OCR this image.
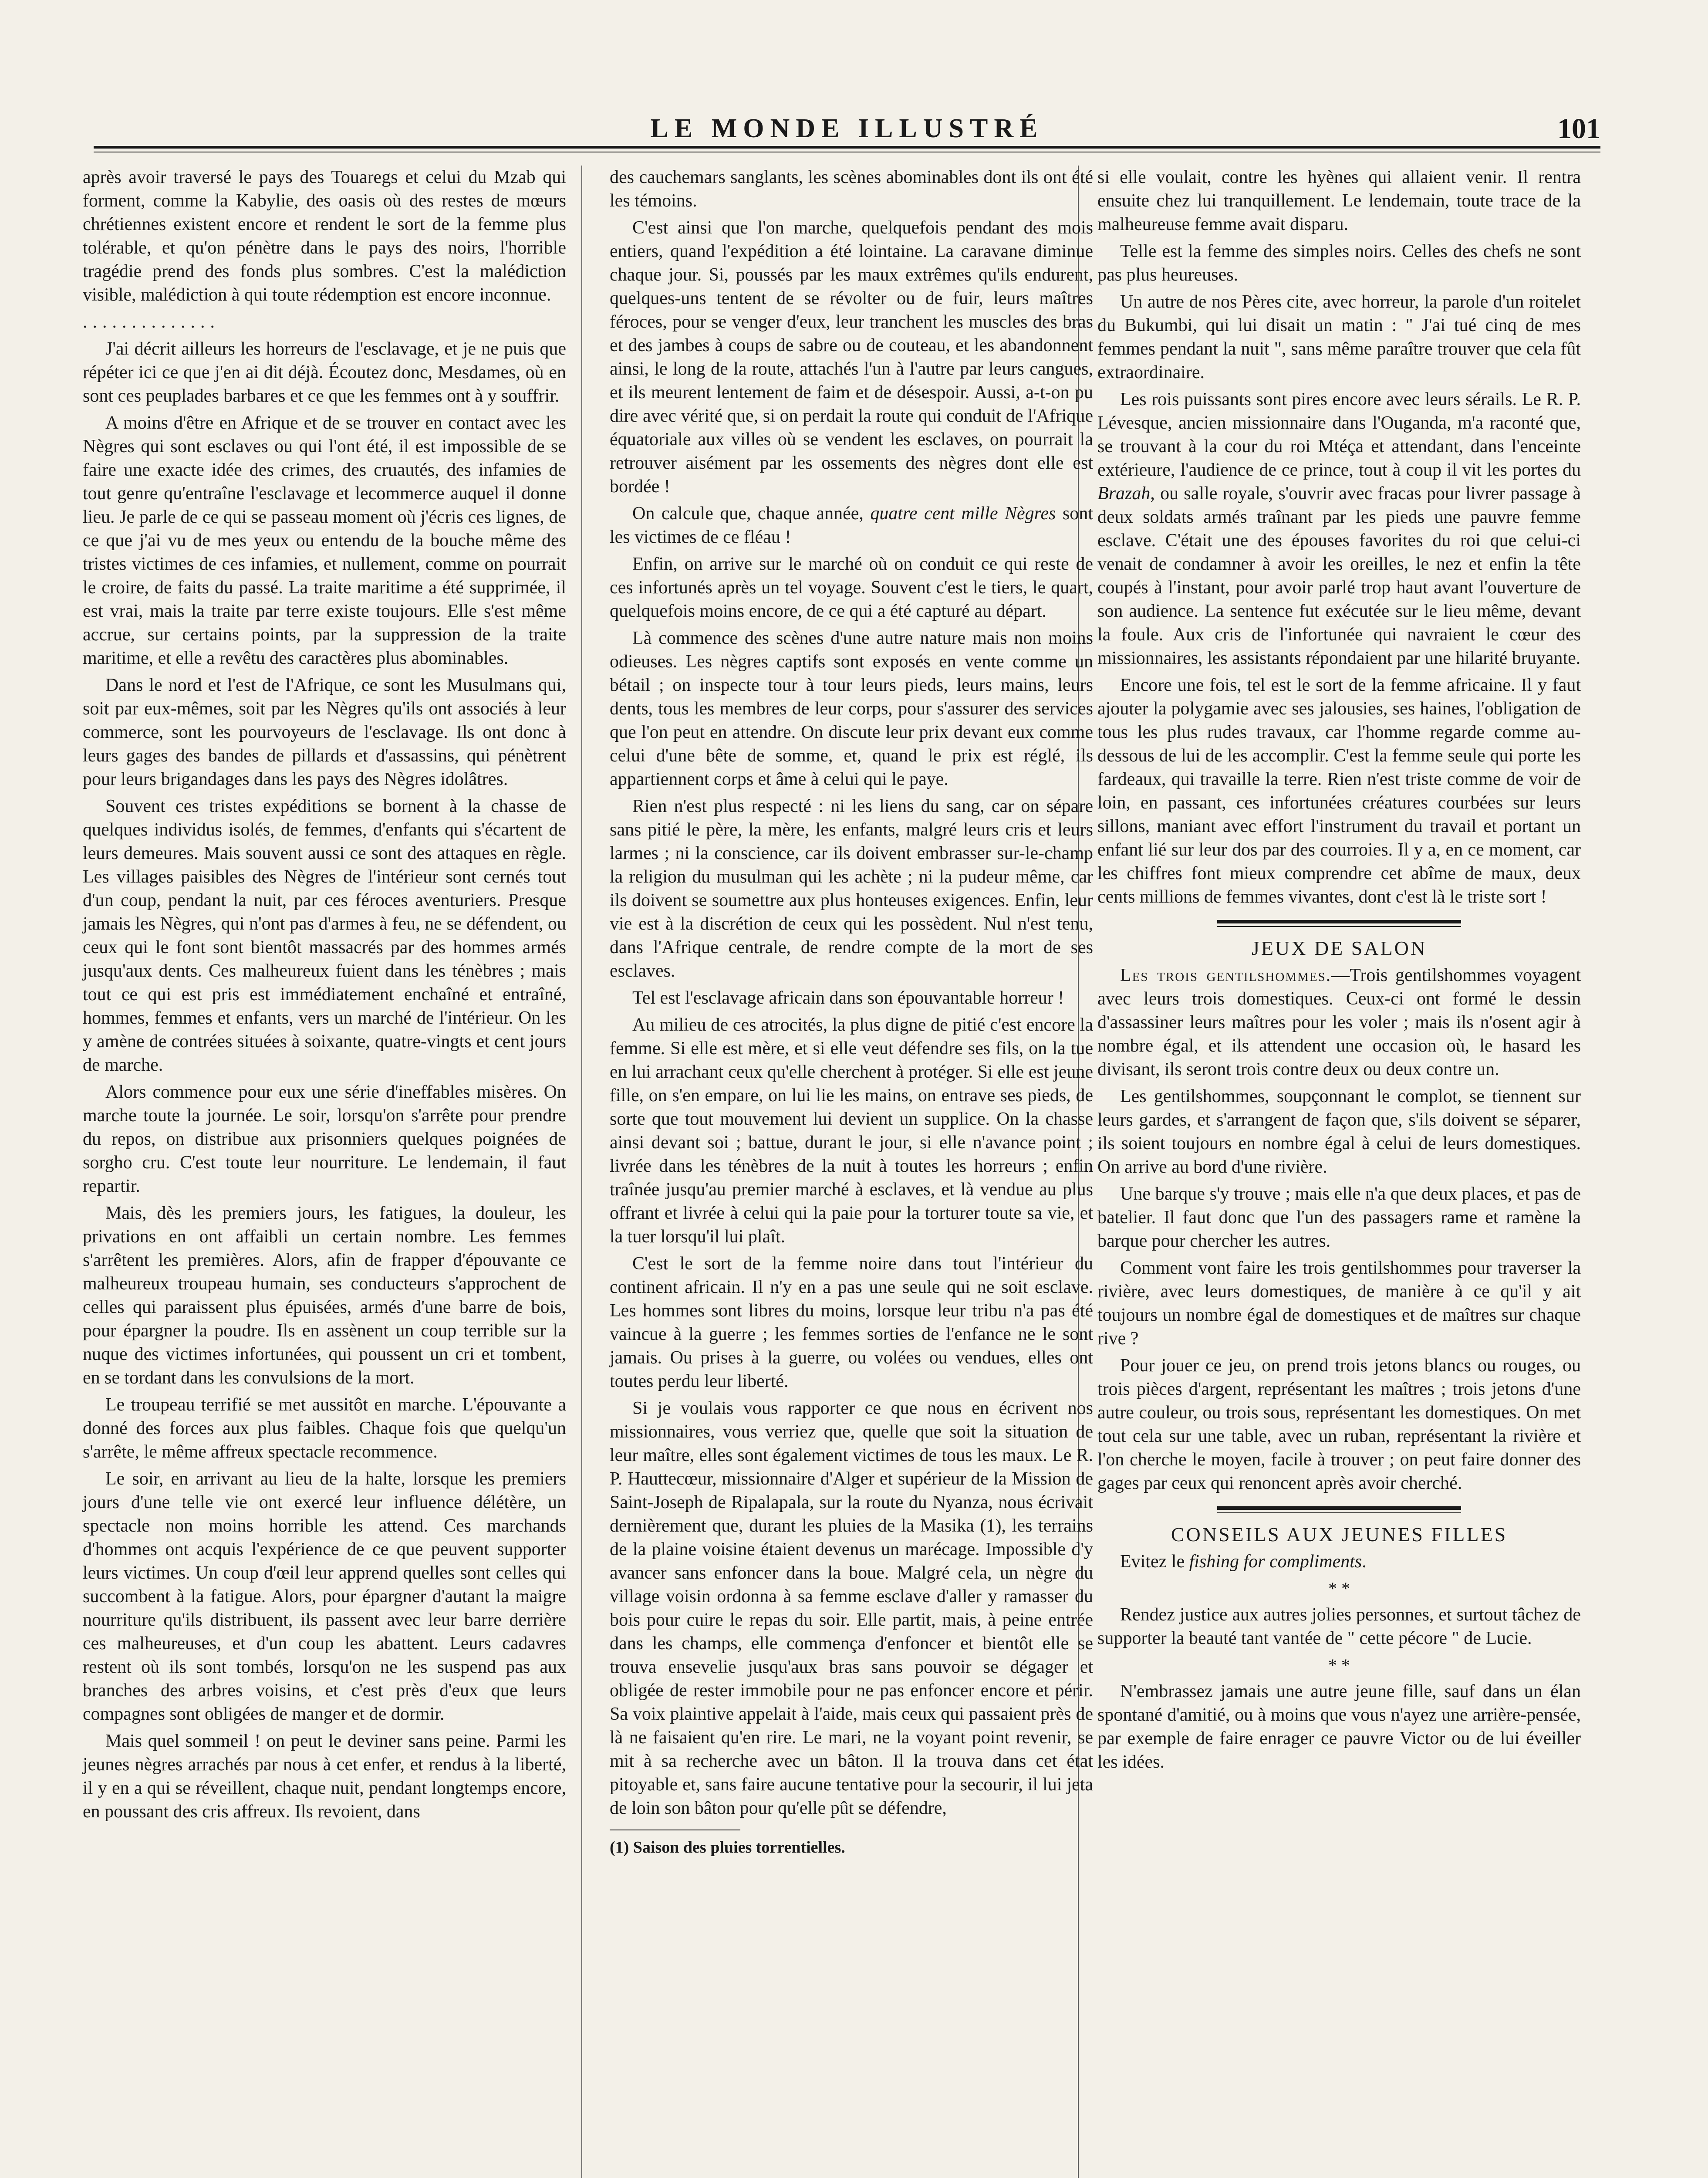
LE MONDE ILLUSTRÉ	101

après avoir traversé le pays des Touaregs et celui du Mzab qui forment, comme la Kabylie, des oasis où des restes de mœurs chrétiennes existent encore et rendent le sort de la femme plus tolérable, et qu'on pénètre dans le pays des noirs, l'horrible tragédie prend des fonds plus sombres. C'est la malédiction visible, malédiction à qui toute rédemption est encore inconnue.

..............

J'ai décrit ailleurs les horreurs de l'esclavage, et je ne puis que répéter ici ce que j'en ai dit déjà. Écoutez donc, Mesdames, où en sont ces peuplades barbares et ce que les femmes ont à y souffrir.

A moins d'être en Afrique et de se trouver en contact avec les Nègres qui sont esclaves ou qui l'ont été, il est impossible de se faire une exacte idée des crimes, des cruautés, des infamies de tout genre qu'entraîne l'esclavage et lecommerce auquel il donne lieu. Je parle de ce qui se passeau moment où j'écris ces lignes, de ce que j'ai vu de mes yeux ou entendu de la bouche même des tristes victimes de ces infamies, et nullement, comme on pourrait le croire, de faits du passé. La traite maritime a été supprimée, il est vrai, mais la traite par terre existe toujours. Elle s'est même accrue, sur certains points, par la suppression de la traite maritime, et elle a revêtu des caractères plus abominables.

Dans le nord et l'est de l'Afrique, ce sont les Musulmans qui, soit par eux-mêmes, soit par les Nègres qu'ils ont associés à leur commerce, sont les pourvoyeurs de l'esclavage. Ils ont donc à leurs gages des bandes de pillards et d'assassins, qui pénètrent pour leurs brigandages dans les pays des Nègres idolâtres.

Souvent ces tristes expéditions se bornent à la chasse de quelques individus isolés, de femmes, d'enfants qui s'écartent de leurs demeures. Mais souvent aussi ce sont des attaques en règle. Les villages paisibles des Nègres de l'intérieur sont cernés tout d'un coup, pendant la nuit, par ces féroces aventuriers. Presque jamais les Nègres, qui n'ont pas d'armes à feu, ne se défendent, ou ceux qui le font sont bientôt massacrés par des hommes armés jusqu'aux dents. Ces malheureux fuient dans les ténèbres ; mais tout ce qui est pris est immédiatement enchaîné et entraîné, hommes, femmes et enfants, vers un marché de l'intérieur. On les y amène de contrées situées à soixante, quatre-vingts et cent jours de marche.

Alors commence pour eux une série d'ineffables misères. On marche toute la journée. Le soir, lorsqu'on s'arrête pour prendre du repos, on distribue aux prisonniers quelques poignées de sorgho cru. C'est toute leur nourriture. Le lendemain, il faut repartir.

Mais, dès les premiers jours, les fatigues, la douleur, les privations en ont affaibli un certain nombre. Les femmes s'arrêtent les premières. Alors, afin de frapper d'épouvante ce malheureux troupeau humain, ses conducteurs s'approchent de celles qui paraissent plus épuisées, armés d'une barre de bois, pour épargner la poudre. Ils en assènent un coup terrible sur la nuque des victimes infortunées, qui poussent un cri et tombent, en se tordant dans les convulsions de la mort.

Le troupeau terrifié se met aussitôt en marche. L'épouvante a donné des forces aux plus faibles. Chaque fois que quelqu'un s'arrête, le même affreux spectacle recommence.

Le soir, en arrivant au lieu de la halte, lorsque les premiers jours d'une telle vie ont exercé leur influence délétère, un spectacle non moins horrible les attend. Ces marchands d'hommes ont acquis l'expérience de ce que peuvent supporter leurs victimes. Un coup d'œil leur apprend quelles sont celles qui succombent à la fatigue. Alors, pour épargner d'autant la maigre nourriture qu'ils distribuent, ils passent avec leur barre derrière ces malheureuses, et d'un coup les abattent. Leurs cadavres restent où ils sont tombés, lorsqu'on ne les suspend pas aux branches des arbres voisins, et c'est près d'eux que leurs compagnes sont obligées de manger et de dormir.

Mais quel sommeil ! on peut le deviner sans peine. Parmi les jeunes nègres arrachés par nous à cet enfer, et rendus à la liberté, il y en a qui se réveillent, chaque nuit, pendant longtemps encore, en poussant des cris affreux. Ils revoient, dans

des cauchemars sanglants, les scènes abominables dont ils ont été les témoins.

C'est ainsi que l'on marche, quelquefois pendant des mois entiers, quand l'expédition a été lointaine. La caravane diminue chaque jour. Si, poussés par les maux extrêmes qu'ils endurent, quelques-uns tentent de se révolter ou de fuir, leurs maîtres féroces, pour se venger d'eux, leur tranchent les muscles des bras et des jambes à coups de sabre ou de couteau, et les abandonnent ainsi, le long de la route, attachés l'un à l'autre par leurs cangues, et ils meurent lentement de faim et de désespoir. Aussi, a-t-on pu dire avec vérité que, si on perdait la route qui conduit de l'Afrique équatoriale aux villes où se vendent les esclaves, on pourrait la retrouver aisément par les ossements des nègres dont elle est bordée !

On calcule que, chaque année, quatre cent mille Nègres sont les victimes de ce fléau !

Enfin, on arrive sur le marché où on conduit ce qui reste de ces infortunés après un tel voyage. Souvent c'est le tiers, le quart, quelquefois moins encore, de ce qui a été capturé au départ.

Là commence des scènes d'une autre nature mais non moins odieuses. Les nègres captifs sont exposés en vente comme un bétail ; on inspecte tour à tour leurs pieds, leurs mains, leurs dents, tous les membres de leur corps, pour s'assurer des services que l'on peut en attendre. On discute leur prix devant eux comme celui d'une bête de somme, et, quand le prix est réglé, ils appartiennent corps et âme à celui qui le paye.

Rien n'est plus respecté : ni les liens du sang, car on sépare sans pitié le père, la mère, les enfants, malgré leurs cris et leurs larmes ; ni la conscience, car ils doivent embrasser sur-le-champ la religion du musulman qui les achète ; ni la pudeur même, car ils doivent se soumettre aux plus honteuses exigences. Enfin, leur vie est à la discrétion de ceux qui les possèdent. Nul n'est tenu, dans l'Afrique centrale, de rendre compte de la mort de ses esclaves.

Tel est l'esclavage africain dans son épouvantable horreur !

Au milieu de ces atrocités, la plus digne de pitié c'est encore la femme. Si elle est mère, et si elle veut défendre ses fils, on la tue en lui arrachant ceux qu'elle cherchent à protéger. Si elle est jeune fille, on s'en empare, on lui lie les mains, on entrave ses pieds, de sorte que tout mouvement lui devient un supplice. On la chasse ainsi devant soi ; battue, durant le jour, si elle n'avance point ; livrée dans les ténèbres de la nuit à toutes les horreurs ; enfin traînée jusqu'au premier marché à esclaves, et là vendue au plus offrant et livrée à celui qui la paie pour la torturer toute sa vie, et la tuer lorsqu'il lui plaît.

C'est le sort de la femme noire dans tout l'intérieur du continent africain. Il n'y en a pas une seule qui ne soit esclave. Les hommes sont libres du moins, lorsque leur tribu n'a pas été vaincue à la guerre ; les femmes sorties de l'enfance ne le sont jamais. Ou prises à la guerre, ou volées ou vendues, elles ont toutes perdu leur liberté.

Si je voulais vous rapporter ce que nous en écrivent nos missionnaires, vous verriez que, quelle que soit la situation de leur maître, elles sont également victimes de tous les maux. Le R. P. Hauttecœur, missionnaire d'Alger et supérieur de la Mission de Saint-Joseph de Ripalapala, sur la route du Nyanza, nous écrivait dernièrement que, durant les pluies de la Masika (1), les terrains de la plaine voisine étaient devenus un marécage. Impossible d'y avancer sans enfoncer dans la boue. Malgré cela, un nègre du village voisin ordonna à sa femme esclave d'aller y ramasser du bois pour cuire le repas du soir. Elle partit, mais, à peine entrée dans les champs, elle commença d'enfoncer et bientôt elle se trouva ensevelie jusqu'aux bras sans pouvoir se dégager et obligée de rester immobile pour ne pas enfoncer encore et périr. Sa voix plaintive appelait à l'aide, mais ceux qui passaient près de là ne faisaient qu'en rire. Le mari, ne la voyant point revenir, se mit à sa recherche avec un bâton. Il la trouva dans cet état pitoyable et, sans faire aucune tentative pour la secourir, il lui jeta de loin son bâton pour qu'elle pût se défendre,

(1) Saison des pluies torrentielles.

si elle voulait, contre les hyènes qui allaient venir. Il rentra ensuite chez lui tranquillement. Le lendemain, toute trace de la malheureuse femme avait disparu.

Telle est la femme des simples noirs. Celles des chefs ne sont pas plus heureuses.

Un autre de nos Pères cite, avec horreur, la parole d'un roitelet du Bukumbi, qui lui disait un matin : " J'ai tué cinq de mes femmes pendant la nuit ", sans même paraître trouver que cela fût extraordinaire.

Les rois puissants sont pires encore avec leurs sérails. Le R. P. Lévesque, ancien missionnaire dans l'Ouganda, m'a raconté que, se trouvant à la cour du roi Mtéça et attendant, dans l'enceinte extérieure, l'audience de ce prince, tout à coup il vit les portes du Brazah, ou salle royale, s'ouvrir avec fracas pour livrer passage à deux soldats armés traînant par les pieds une pauvre femme esclave. C'était une des épouses favorites du roi que celui-ci venait de condamner à avoir les oreilles, le nez et enfin la tête coupés à l'instant, pour avoir parlé trop haut avant l'ouverture de son audience. La sentence fut exécutée sur le lieu même, devant la foule. Aux cris de l'infortunée qui navraient le cœur des missionnaires, les assistants répondaient par une hilarité bruyante.

Encore une fois, tel est le sort de la femme africaine. Il y faut ajouter la polygamie avec ses jalousies, ses haines, l'obligation de tous les plus rudes travaux, car l'homme regarde comme au-dessous de lui de les accomplir. C'est la femme seule qui porte les fardeaux, qui travaille la terre. Rien n'est triste comme de voir de loin, en passant, ces infortunées créatures courbées sur leurs sillons, maniant avec effort l'instrument du travail et portant un enfant lié sur leur dos par des courroies. Il y a, en ce moment, car les chiffres font mieux comprendre cet abîme de maux, deux cents millions de femmes vivantes, dont c'est là le triste sort !

JEUX DE SALON

Les trois gentilshommes.—Trois gentilshommes voyagent avec leurs trois domestiques. Ceux-ci ont formé le dessin d'assassiner leurs maîtres pour les voler ; mais ils n'osent agir à nombre égal, et ils attendent une occasion où, le hasard les divisant, ils seront trois contre deux ou deux contre un.

Les gentilshommes, soupçonnant le complot, se tiennent sur leurs gardes, et s'arrangent de façon que, s'ils doivent se séparer, ils soient toujours en nombre égal à celui de leurs domestiques. On arrive au bord d'une rivière.

Une barque s'y trouve ; mais elle n'a que deux places, et pas de batelier. Il faut donc que l'un des passagers rame et ramène la barque pour chercher les autres.

Comment vont faire les trois gentilshommes pour traverser la rivière, avec leurs domestiques, de manière à ce qu'il y ait toujours un nombre égal de domestiques et de maîtres sur chaque rive ?

Pour jouer ce jeu, on prend trois jetons blancs ou rouges, ou trois pièces d'argent, représentant les maîtres ; trois jetons d'une autre couleur, ou trois sous, représentant les domestiques. On met tout cela sur une table, avec un ruban, représentant la rivière et l'on cherche le moyen, facile à trouver ; on peut faire donner des gages par ceux qui renoncent après avoir cherché.

CONSEILS AUX JEUNES FILLES

Evitez le fishing for compliments.

* *

Rendez justice aux autres jolies personnes, et surtout tâchez de supporter la beauté tant vantée de " cette pécore " de Lucie.

* *

N'embrassez jamais une autre jeune fille, sauf dans un élan spontané d'amitié, ou à moins que vous n'ayez une arrière-pensée, par exemple de faire enrager ce pauvre Victor ou de lui éveiller les idées.
